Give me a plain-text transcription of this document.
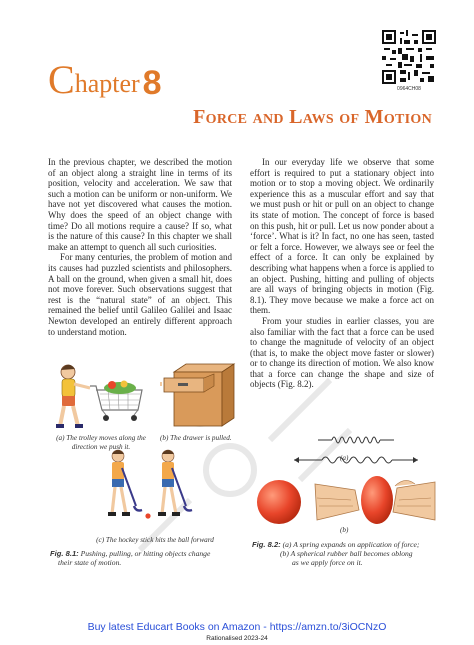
C hapter 8	0964CH08
Force and Laws of Motion

In the previous chapter, we described the motion of an object along a straight line in terms of its position, velocity and acceleration. We saw that such a motion can be uniform or non-uniform. We have not yet discovered what causes the motion. Why does the speed of an object change with time? Do all motions require a cause? If so, what is the nature of this cause? In this chapter we shall make an attempt to quench all such curiosities.

For many centuries, the problem of motion and its causes had puzzled scientists and philosophers. A ball on the ground, when given a small hit, does not move forever. Such observations suggest that rest is the “natural state” of an object. This remained the belief until Galileo Galilei and Isaac Newton developed an entirely different approach to understand motion.

In our everyday life we observe that some effort is required to put a stationary object into motion or to stop a moving object. We ordinarily experience this as a muscular effort and say that we must push or hit or pull on an object to change its state of motion. The concept of force is based on this push, hit or pull. Let us now ponder about a ‘force’. What is it? In fact, no one has seen, tasted or felt a force. However, we always see or feel the effect of a force. It can only be explained by describing what happens when a force is applied to an object. Pushing, hitting and pulling of objects are all ways of bringing objects in motion (Fig. 8.1). They move because we make a force act on them.

From your studies in earlier classes, you are also familiar with the fact that a force can be used to change the magnitude of velocity of an object (that is, to make the object move faster or slower) or to change its direction of motion. We also know that a force can change the shape and size of objects (Fig. 8.2).

(a) The trolley moves along the
direction we push it.
(b) The drawer is pulled.
(c) The hockey stick hits the ball forward
Fig. 8.1: Pushing, pulling, or hitting objects change
their state of motion.
(a)
(b)
Fig. 8.2: (a) A spring expands on application of force;
(b) A spherical rubber ball becomes oblong
as we apply force on it.
Buy latest Educart Books on Amazon - https://amzn.to/3iOCNzO
Rationalised 2023-24
